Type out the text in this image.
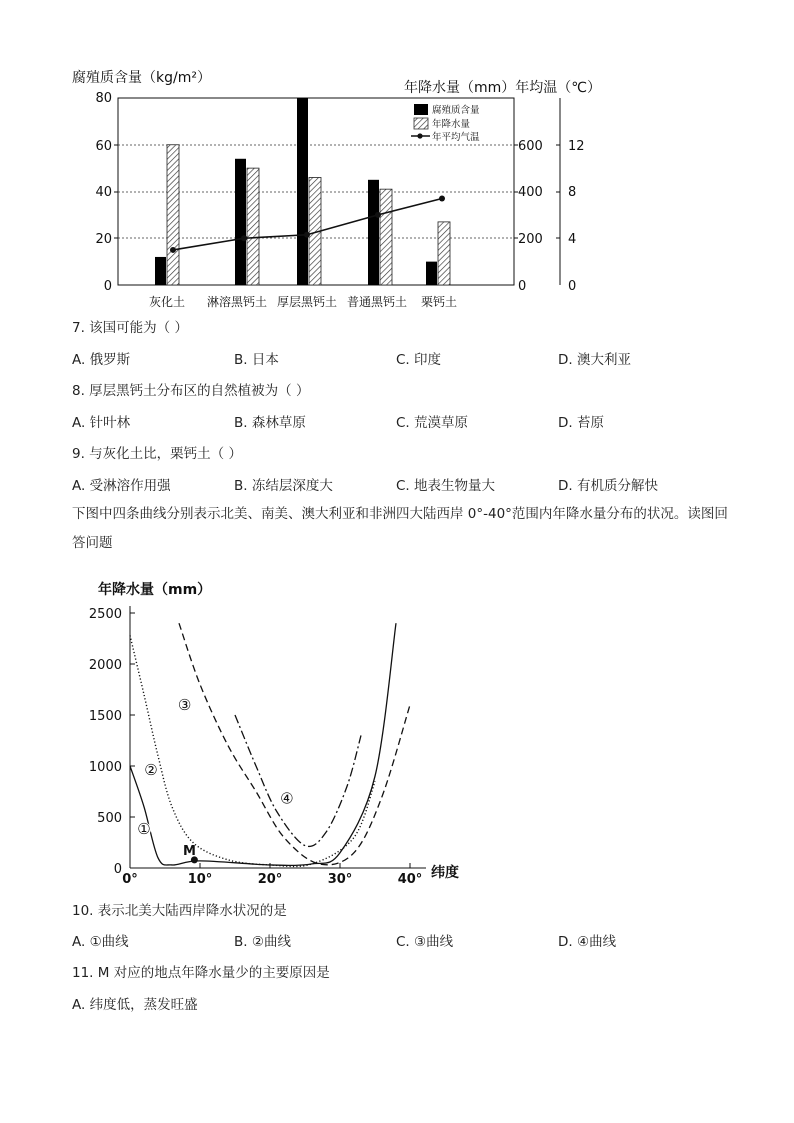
腐殖质含量（kg/m²）
年降水量（mm）年均温（℃）
80
60
40
20
0
600
400
200
0
12
8
4
0
灰化土 淋溶黑钙土 厚层黑钙土 普通黑钙土 栗钙土
腐殖质含量
年降水量
年平均气温
7. 该国可能为（ ）
A. 俄罗斯	B. 日本	C. 印度	D. 澳大利亚
8. 厚层黑钙土分布区的自然植被为（ ）
A. 针叶林	B. 森林草原	C. 荒漠草原	D. 苔原
9. 与灰化土比，栗钙土（ ）
A. 受淋溶作用强	B. 冻结层深度大	C. 地表生物量大	D. 有机质分解快
下图中四条曲线分别表示北美、南美、澳大利亚和非洲四大陆西岸 0°-40°范围内年降水量分布的状况。读图回答问题
年降水量（mm）
纬度
2500
2000
1500
1000
500
0
0°	10°	20°	30°	40°
①
②
③
④
M
10. 表示北美大陆西岸降水状况的是
A. ①曲线	B. ②曲线	C. ③曲线	D. ④曲线
11. M 对应的地点年降水量少的主要原因是
A. 纬度低，蒸发旺盛
